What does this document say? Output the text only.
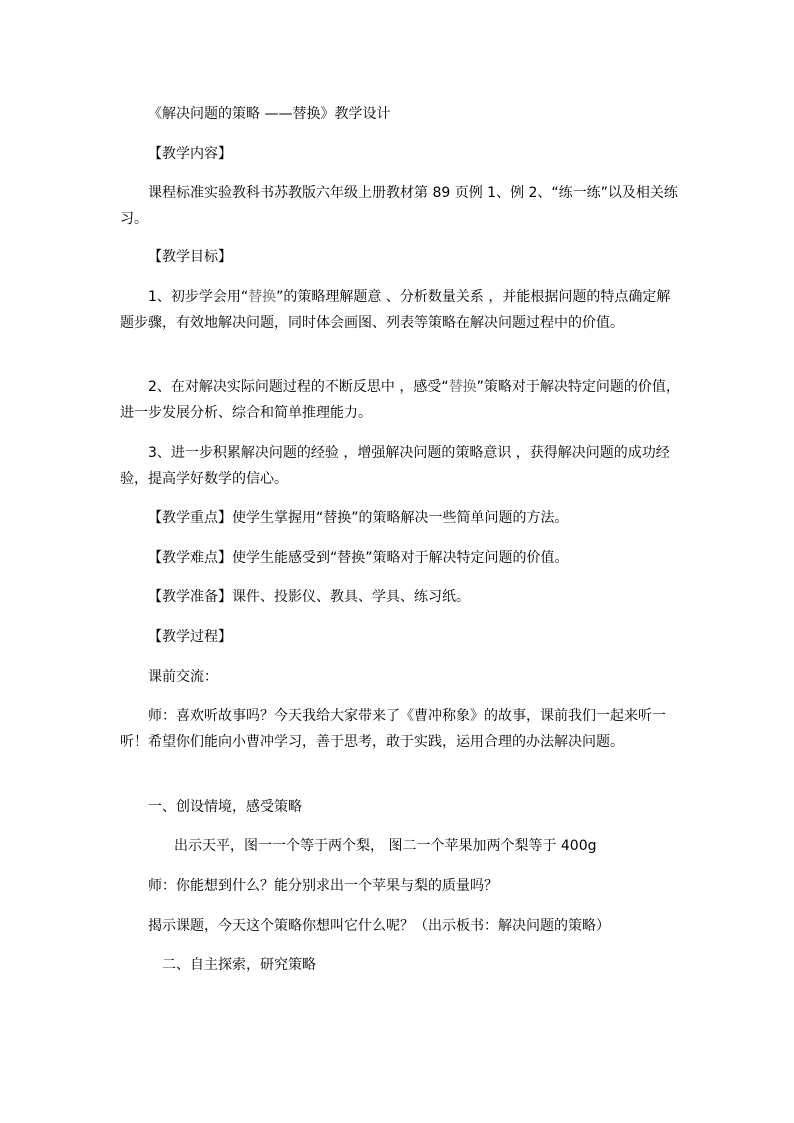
《解决问题的策略 ——替换》教学设计

【教学内容】

课程标准实验教科书苏教版六年级上册教材第 89 页例 1、例 2、“练一练”以及相关练习。

【教学目标】

1、初步学会用“替换”的策略理解题意 、分析数量关系 ，并能根据问题的特点确定解题步骤，有效地解决问题，同时体会画图、列表等策略在解决问题过程中的价值。

2、在对解决实际问题过程的不断反思中 ，感受“替换”策略对于解决特定问题的价值，进一步发展分析、综合和简单推理能力。

3、进一步积累解决问题的经验 ，增强解决问题的策略意识 ，获得解决问题的成功经验，提高学好数学的信心。

【教学重点】使学生掌握用“替换”的策略解决一些简单问题的方法。

【教学难点】使学生能感受到“替换”策略对于解决特定问题的价值。

【教学准备】课件、投影仪、教具、学具、练习纸。

【教学过程】

课前交流：

师：喜欢听故事吗？今天我给大家带来了《曹冲称象》的故事，课前我们一起来听一听！希望你们能向小曹冲学习，善于思考，敢于实践，运用合理的办法解决问题。

一、创设情境，感受策略

出示天平，图一一个等于两个梨， 图二一个苹果加两个梨等于 400g

师：你能想到什么？能分别求出一个苹果与梨的质量吗？

揭示课题，今天这个策略你想叫它什么呢？（出示板书：解决问题的策略）

二、自主探索，研究策略
